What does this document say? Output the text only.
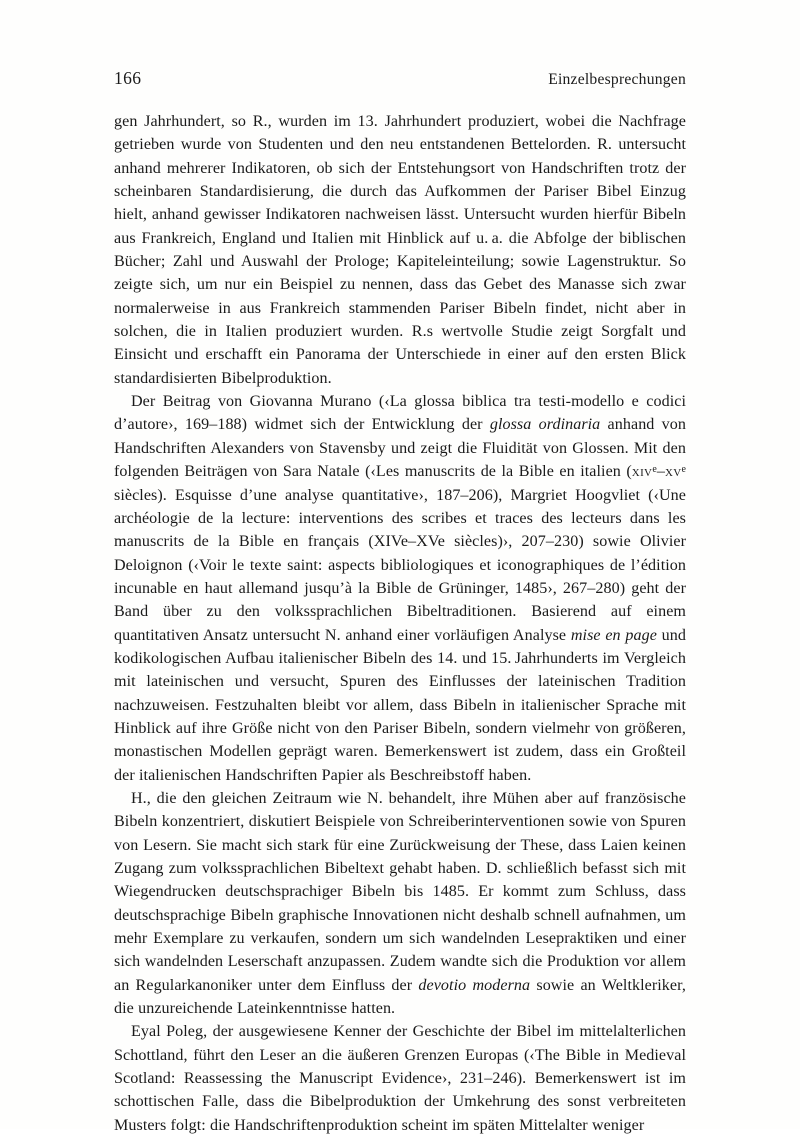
166	Einzelbesprechungen

gen Jahrhundert, so R., wurden im 13. Jahrhundert produziert, wobei die Nachfrage getrieben wurde von Studenten und den neu entstandenen Bettelorden. R. untersucht anhand mehrerer Indikatoren, ob sich der Entstehungsort von Handschriften trotz der scheinbaren Standardisierung, die durch das Aufkommen der Pariser Bibel Einzug hielt, anhand gewisser Indikatoren nachweisen lässt. Untersucht wurden hierfür Bibeln aus Frankreich, England und Italien mit Hinblick auf u. a. die Abfolge der biblischen Bücher; Zahl und Auswahl der Prologe; Kapiteleinteilung; sowie Lagenstruktur. So zeigte sich, um nur ein Beispiel zu nennen, dass das Gebet des Manasse sich zwar normalerweise in aus Frankreich stammenden Pariser Bibeln findet, nicht aber in solchen, die in Italien produziert wurden. R.s wertvolle Studie zeigt Sorgfalt und Einsicht und erschafft ein Panorama der Unterschiede in einer auf den ersten Blick standardisierten Bibelproduktion.

Der Beitrag von Giovanna Murano (‹La glossa biblica tra testi-modello e codici d’autore›, 169–188) widmet sich der Entwicklung der glossa ordinaria anhand von Handschriften Alexanders von Stavensby und zeigt die Fluidität von Glossen. Mit den folgenden Beiträgen von Sara Natale (‹Les manuscrits de la Bible en italien ($xiv^e-xv^e$ siècles). Esquisse d’une analyse quantitative›, 187–206), Margriet Hoogvliet (‹Une archéologie de la lecture: interventions des scribes et traces des lecteurs dans les manuscrits de la Bible en français (XIVe–XVe siècles)›, 207–230) sowie Olivier Deloignon (‹Voir le texte saint: aspects bibliologiques et iconographiques de l’édition incunable en haut allemand jusqu’à la Bible de Grüninger, 1485›, 267–280) geht der Band über zu den volkssprachlichen Bibeltraditionen. Basierend auf einem quantitativen Ansatz untersucht N. anhand einer vorläufigen Analyse mise en page und kodikologischen Aufbau italienischer Bibeln des 14. und 15. Jahrhunderts im Vergleich mit lateinischen und versucht, Spuren des Einflusses der lateinischen Tradition nachzuweisen. Festzuhalten bleibt vor allem, dass Bibeln in italienischer Sprache mit Hinblick auf ihre Größe nicht von den Pariser Bibeln, sondern vielmehr von größeren, monastischen Modellen geprägt waren. Bemerkenswert ist zudem, dass ein Großteil der italienischen Handschriften Papier als Beschreibstoff haben.

H., die den gleichen Zeitraum wie N. behandelt, ihre Mühen aber auf französische Bibeln konzentriert, diskutiert Beispiele von Schreiberinterventionen sowie von Spuren von Lesern. Sie macht sich stark für eine Zurückweisung der These, dass Laien keinen Zugang zum volkssprachlichen Bibeltext gehabt haben. D. schließlich befasst sich mit Wiegendrucken deutschsprachiger Bibeln bis 1485. Er kommt zum Schluss, dass deutschsprachige Bibeln graphische Innovationen nicht deshalb schnell aufnahmen, um mehr Exemplare zu verkaufen, sondern um sich wandelnden Lesepraktiken und einer sich wandelnden Leserschaft anzupassen. Zudem wandte sich die Produktion vor allem an Regularkanoniker unter dem Einfluss der devotio moderna sowie an Weltkleriker, die unzureichende Lateinkenntnisse hatten.

Eyal Poleg, der ausgewiesene Kenner der Geschichte der Bibel im mittelalterlichen Schottland, führt den Leser an die äußeren Grenzen Europas (‹The Bible in Medieval Scotland: Reassessing the Manuscript Evidence›, 231–246). Bemerkenswert ist im schottischen Falle, dass die Bibelproduktion der Umkehrung des sonst verbreiteten Musters folgt: die Handschriftenproduktion scheint im späten Mittelalter weniger
